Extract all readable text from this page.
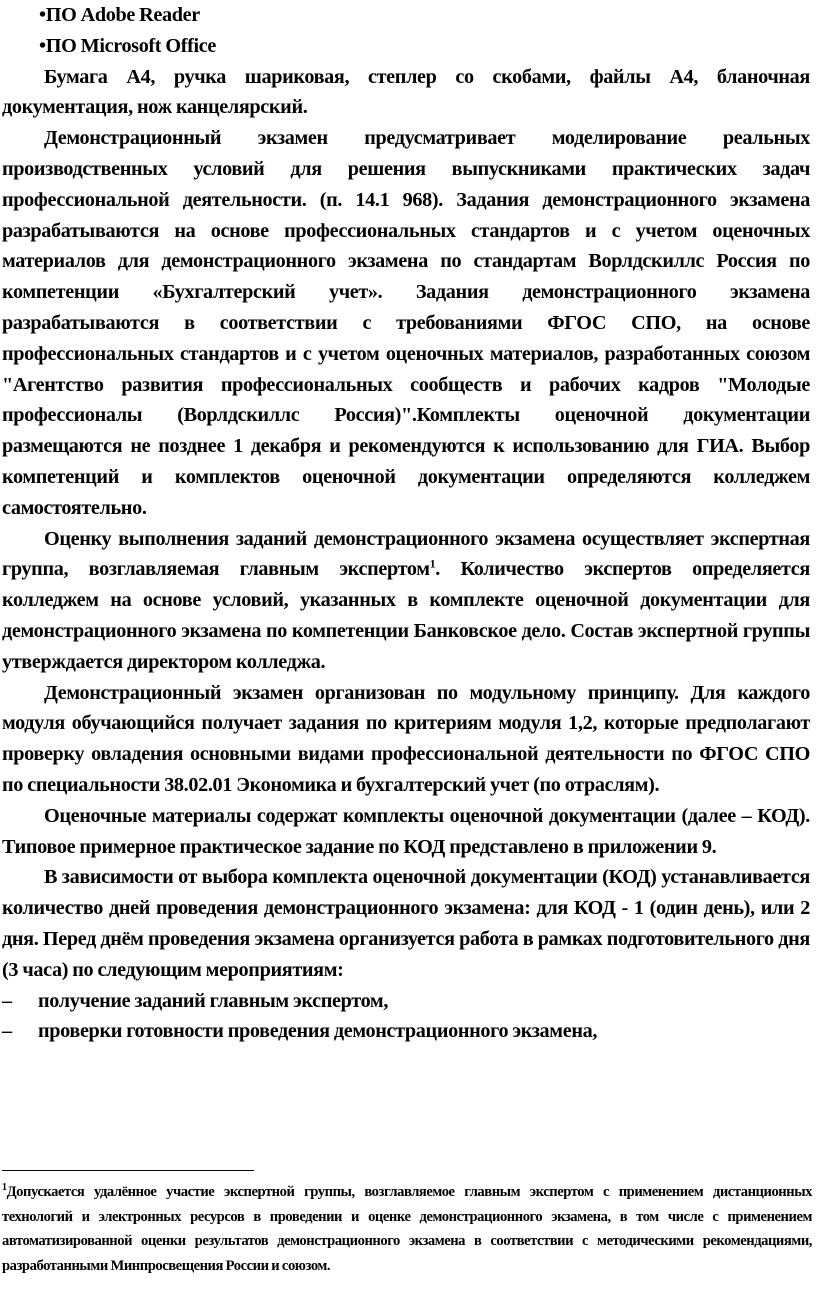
•ПО Adobe Reader

•ПО Microsoft Office

Бумага А4, ручка шариковая, степлер со скобами, файлы А4, бланочная документация, нож канцелярский.

Демонстрационный экзамен предусматривает моделирование реальных производственных условий для решения выпускниками практических задач профессиональной деятельности. (п. 14.1 968). Задания демонстрационного экзамена разрабатываются на основе профессиональных стандартов и с учетом оценочных материалов для демонстрационного экзамена по стандартам Ворлдскиллс Россия по компетенции «Бухгалтерский учет». Задания демонстрационного экзамена разрабатываются в соответствии с требованиями ФГОС СПО, на основе профессиональных стандартов и с учетом оценочных материалов, разработанных союзом "Агентство развития профессиональных сообществ и рабочих кадров "Молодые профессионалы (Ворлдскиллс Россия)".Комплекты оценочной документации размещаются не позднее 1 декабря и рекомендуются к использованию для ГИА. Выбор компетенций и комплектов оценочной документации определяются колледжем самостоятельно.

Оценку выполнения заданий демонстрационного экзамена осуществляет экспертная группа, возглавляемая главным экспертом$^1$. Количество экспертов определяется колледжем на основе условий, указанных в комплекте оценочной документации для демонстрационного экзамена по компетенции Банковское дело. Состав экспертной группы утверждается директором колледжа.

Демонстрационный экзамен организован по модульному принципу. Для каждого модуля обучающийся получает задания по критериям модуля 1,2, которые предполагают проверку овладения основными видами профессиональной деятельности по ФГОС СПО по специальности 38.02.01 Экономика и бухгалтерский учет (по отраслям).

Оценочные материалы содержат комплекты оценочной документации (далее – КОД). Типовое примерное практическое задание по КОД представлено в приложении 9.

В зависимости от выбора комплекта оценочной документации (КОД) устанавливается количество дней проведения демонстрационного экзамена: для КОД - 1 (один день), или 2 дня. Перед днём проведения экзамена организуется работа в рамках подготовительного дня (3 часа) по следующим мероприятиям:

– получение заданий главным экспертом,

– проверки готовности проведения демонстрационного экзамена,

$^1$Допускается удалённое участие экспертной группы, возглавляемое главным экспертом с применением дистанционных технологий и электронных ресурсов в проведении и оценке демонстрационного экзамена, в том числе с применением автоматизированной оценки результатов демонстрационного экзамена в соответствии с методическими рекомендациями, разработанными Минпросвещения России и союзом.
